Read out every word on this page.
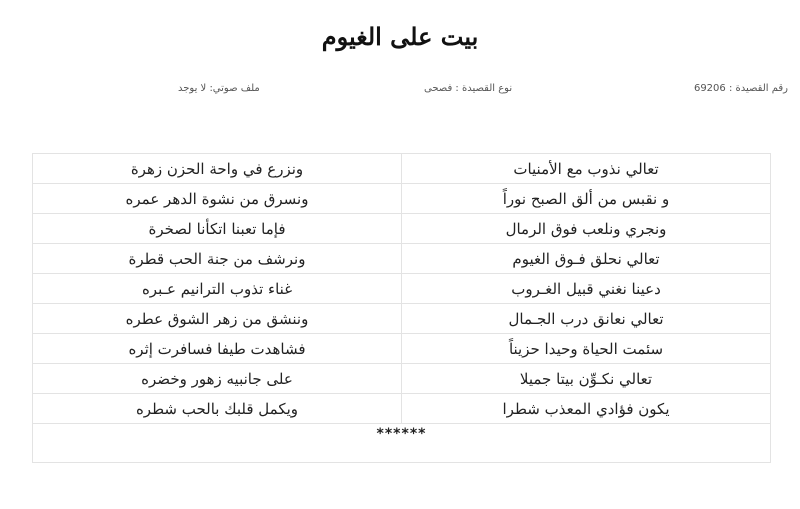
بيت على الغيوم
رقم القصيدة : 69206
نوع القصيدة : فصحى
ملف صوتي: لا يوجد
تعالي نذوب مع الأمنيات	ونزرع في واحة الحزن زهرة
و نقبس من ألق الصبح نوراً	ونسرق من نشوة الدهر عمره
ونجري ونلعب فوق الرمال	فإما تعبنا اتكأنا لصخرة
تعالي نحلق فـوق الغيوم	ونرشف من جنة الحب قطرة
دعينا نغني قبيل الغـروب	غناء تذوب الترانيم عـبره
تعالي نعانق درب الجـمال	وننشق من زهر الشوق عطره
سئمت الحياة وحيدا حزيناً	فشاهدت طيفا فسافرت إثره
تعالي نكـوِّن بيتا جميلا	على جانبيه زهور وخضره
يكون فؤادي المعذب شطرا	ويكمل قلبك بالحب شطره
******	
